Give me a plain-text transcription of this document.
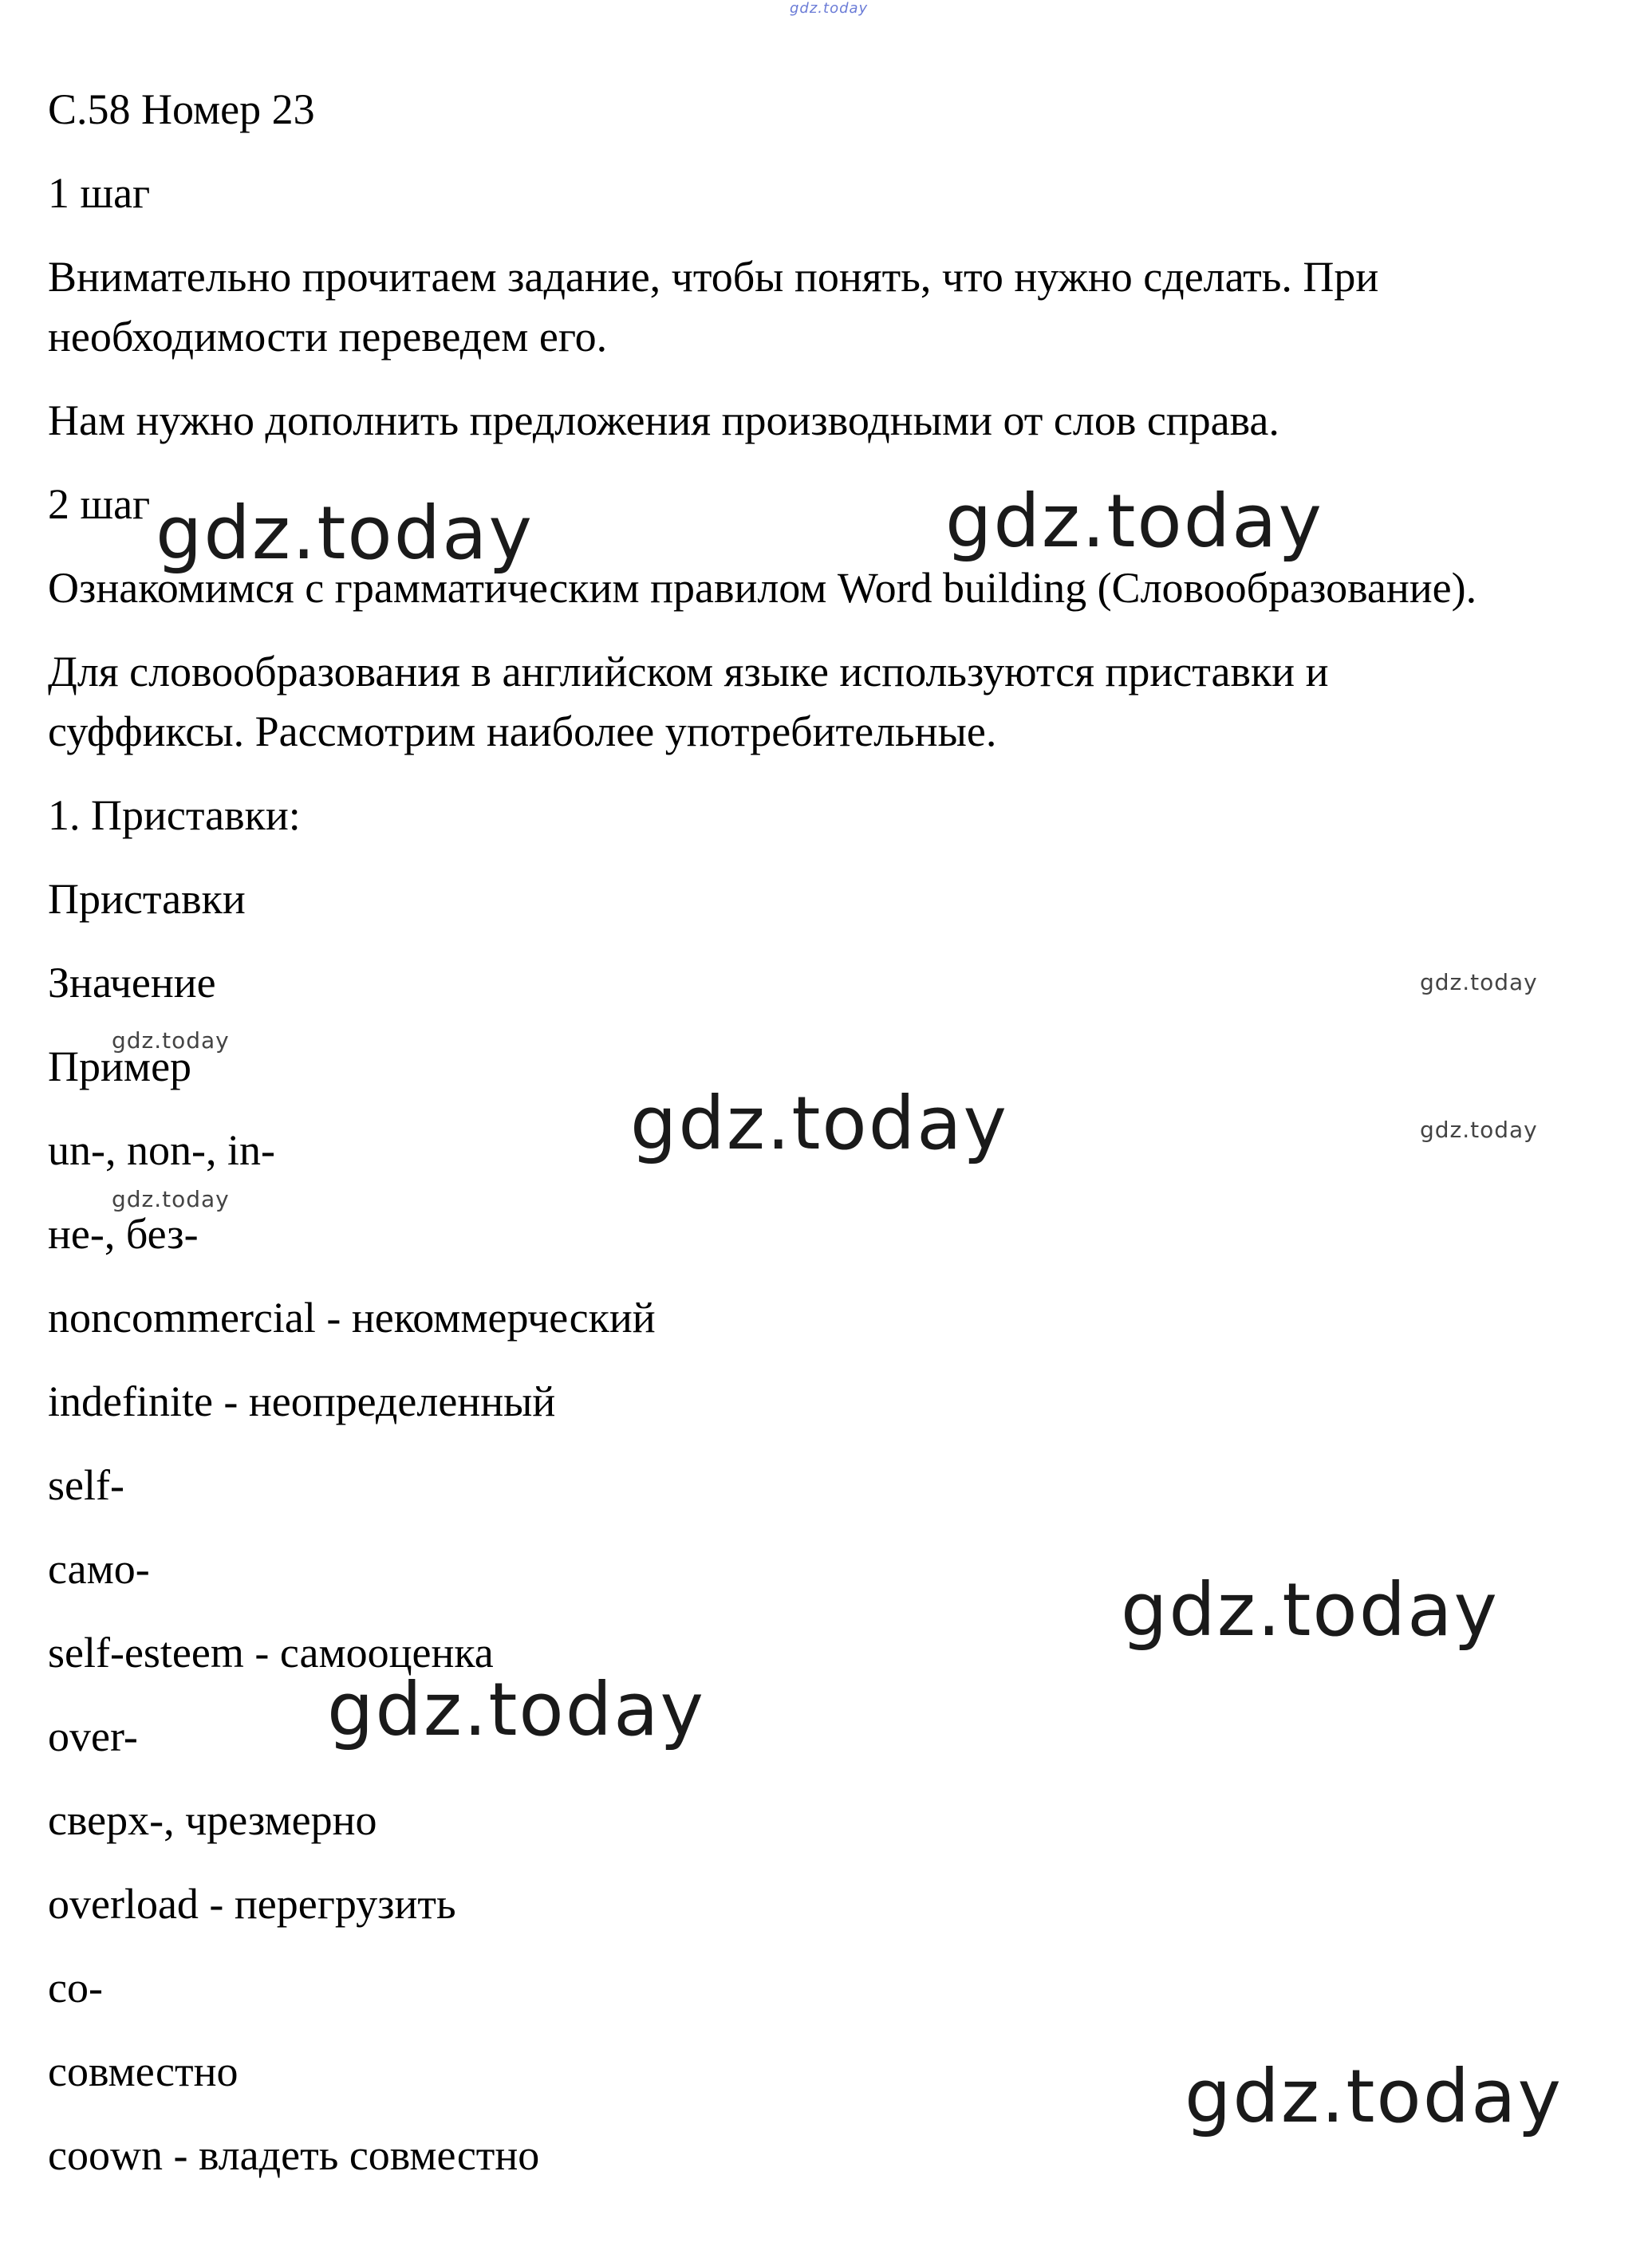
gdz.today
С.58 Номер 23
1 шаг
Внимательно прочитаем задание, чтобы понять, что нужно сделать. При
необходимости переведем его.
Нам нужно дополнить предложения производными от слов справа.
2 шаг
Ознакомимся с грамматическим правилом Word building (Словообразование).
Для словообразования в английском языке используются приставки и
суффиксы. Рассмотрим наиболее употребительные.
1. Приставки:
Приставки
Значение
Пример
un-, non-, in-
не-, без-
noncommercial - некоммерческий
indefinite - неопределенный
self-
само-
self-esteem - самооценка
over-
сверх-, чрезмерно
overload - перегрузить
co-
совместно
coown - владеть совместно
gdz.today	gdz.today
gdz.today
gdz.today
gdz.today
gdz.today
gdz.today
gdz.today
gdz.today
gdz.today
